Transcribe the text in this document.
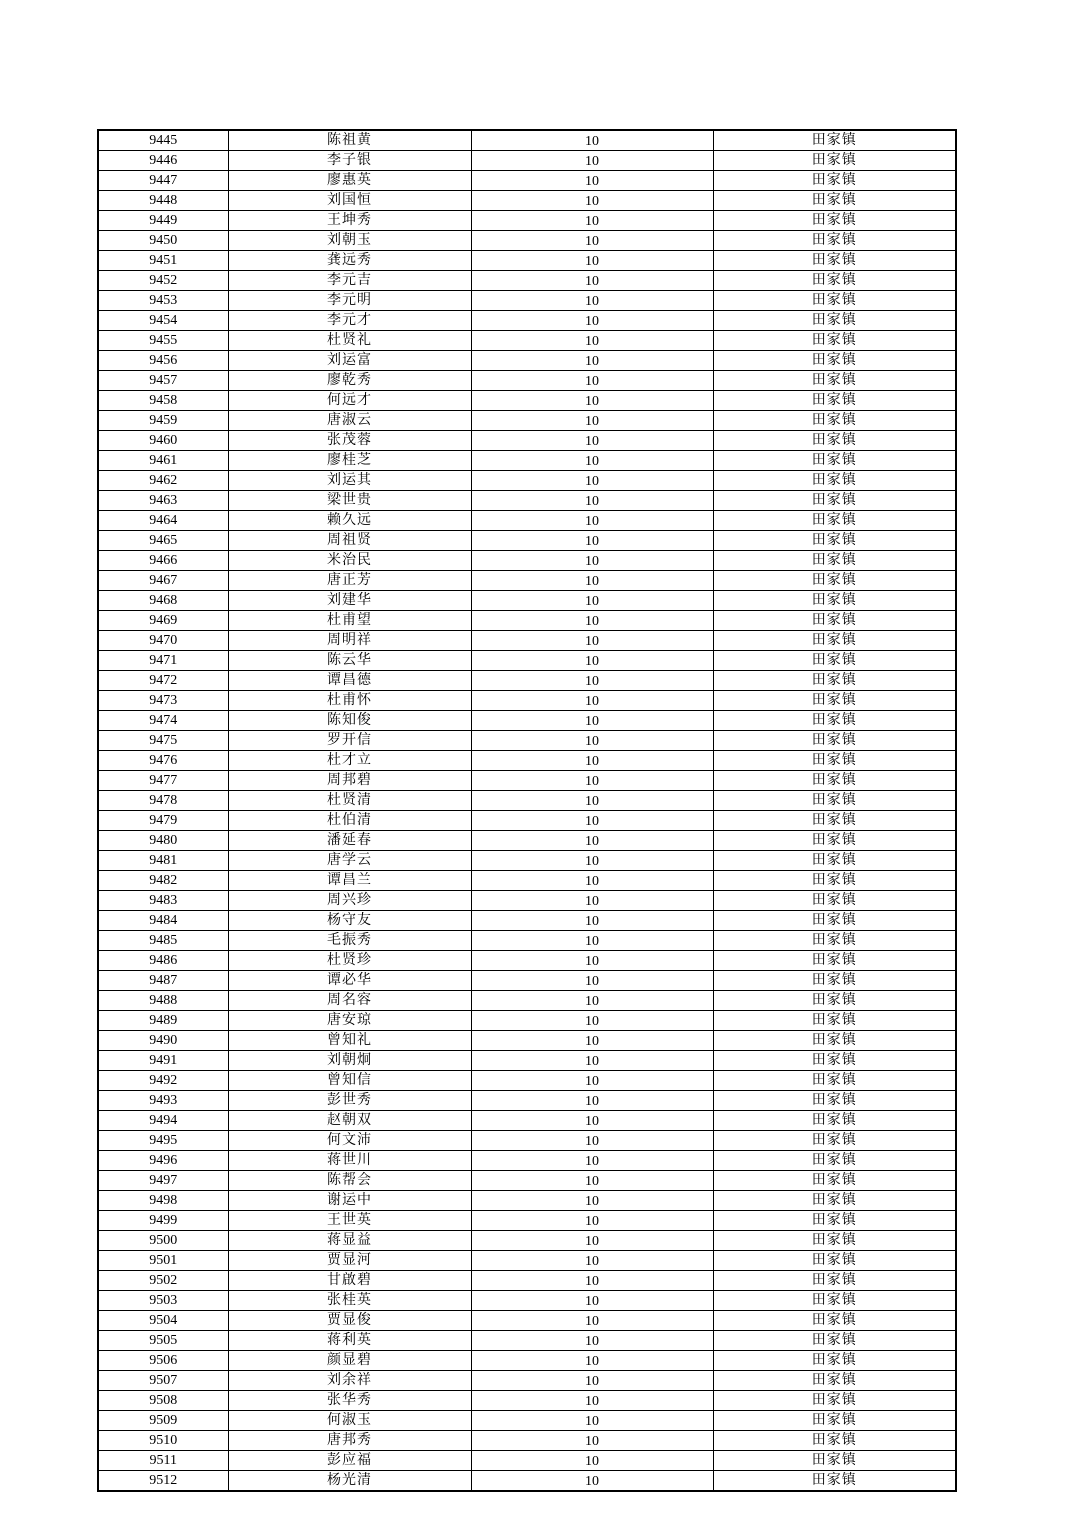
9445	陈祖黄	10	田家镇
9446	李子银	10	田家镇
9447	廖惠英	10	田家镇
9448	刘国恒	10	田家镇
9449	王坤秀	10	田家镇
9450	刘朝玉	10	田家镇
9451	龚远秀	10	田家镇
9452	李元吉	10	田家镇
9453	李元明	10	田家镇
9454	李元才	10	田家镇
9455	杜贤礼	10	田家镇
9456	刘运富	10	田家镇
9457	廖乾秀	10	田家镇
9458	何远才	10	田家镇
9459	唐淑云	10	田家镇
9460	张茂蓉	10	田家镇
9461	廖桂芝	10	田家镇
9462	刘运其	10	田家镇
9463	梁世贵	10	田家镇
9464	赖久远	10	田家镇
9465	周祖贤	10	田家镇
9466	米治民	10	田家镇
9467	唐正芳	10	田家镇
9468	刘建华	10	田家镇
9469	杜甫望	10	田家镇
9470	周明祥	10	田家镇
9471	陈云华	10	田家镇
9472	谭昌德	10	田家镇
9473	杜甫怀	10	田家镇
9474	陈知俊	10	田家镇
9475	罗开信	10	田家镇
9476	杜才立	10	田家镇
9477	周邦碧	10	田家镇
9478	杜贤清	10	田家镇
9479	杜伯清	10	田家镇
9480	潘延春	10	田家镇
9481	唐学云	10	田家镇
9482	谭昌兰	10	田家镇
9483	周兴珍	10	田家镇
9484	杨守友	10	田家镇
9485	毛振秀	10	田家镇
9486	杜贤珍	10	田家镇
9487	谭必华	10	田家镇
9488	周名容	10	田家镇
9489	唐安琼	10	田家镇
9490	曾知礼	10	田家镇
9491	刘朝炯	10	田家镇
9492	曾知信	10	田家镇
9493	彭世秀	10	田家镇
9494	赵朝双	10	田家镇
9495	何文沛	10	田家镇
9496	蒋世川	10	田家镇
9497	陈帮会	10	田家镇
9498	谢运中	10	田家镇
9499	王世英	10	田家镇
9500	蒋显益	10	田家镇
9501	贾显河	10	田家镇
9502	甘啟碧	10	田家镇
9503	张桂英	10	田家镇
9504	贾显俊	10	田家镇
9505	蒋利英	10	田家镇
9506	颜显碧	10	田家镇
9507	刘余祥	10	田家镇
9508	张华秀	10	田家镇
9509	何淑玉	10	田家镇
9510	唐邦秀	10	田家镇
9511	彭应福	10	田家镇
9512	杨光清	10	田家镇
